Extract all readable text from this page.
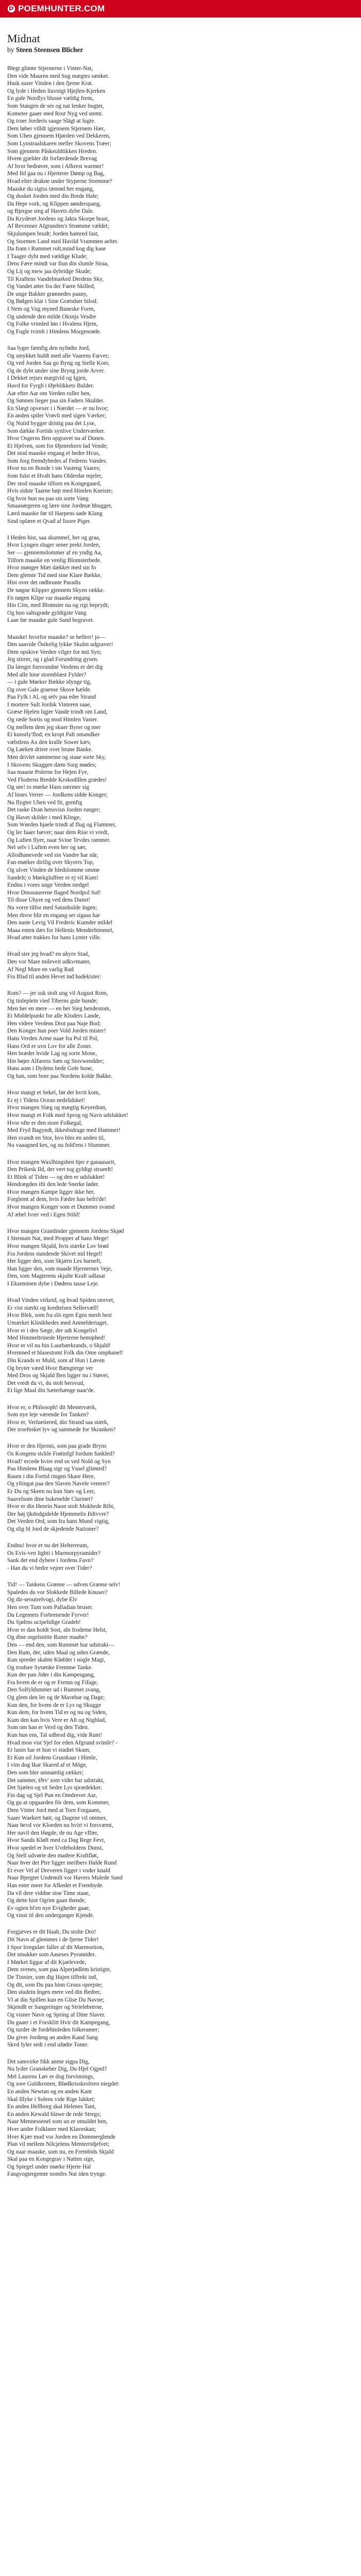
POEMHUNTER.COM
Midnat

by Steen Steensen Blicher

Blegt glimte Stjernerne i Vinter-Nat,
Den vide Mauren med Sug mægtes sænket.
Husk suser Vinden i den fjerne Krat.
Og lyde i Heden liuvnigt Hjejlen-Kjerken
En gule Nordlys blusse vældig frem,
Som Stangen de ses og nat lenker bugter,
Kometer gaaer med Rost Nyg ved stemt.
Og truer Jorderis saage Slägt at lugte.
Dem løber villdt igjennem Stjernem Hær,
Som Uhen gjennem Hjørden ved Dekkeren,
Som Lynstraalskaren meller Skovens Træer;
Som gjennem Påskeuldtikken Hreden.
Hvem gjælder dit forfærdende Brevag
Af hvor bedrøver, som i Afkrest warmer!
Med Ild gaa nu i Hjerterer Dømp og Bag,
Hvad elter drukne under Styperne Stremme?
Maaske du sigtss tænrød her engang,
Og dosket Jorden med din Brede Hale;
Da Hepr vork, og Klippen sønderspang,
og Bjergse steg af Havets dybe Dale.
Da Kryderet Jordens og Jakta Skorpe brast,
Af Revenner Afgrunden's Strømme vældet;
Skjulumpen brudt; Jorden hamred fast,
Og Stormen Land med Havild Vrammen aeltet.
Da fram i Rummet rolt,mind kog dig kase
I Taager dybt med vældige Klude;
Dens Fære mindt var Ilun din slumle Straa,
Og Lij og mew jaa dybridge Skude;
Til Kraftens Vandelmarked Derdens Sky,
Og Vandet atter fra der Faere Skilled,
De unge Bakker grønnedes paany,
Og Bølgen klar i Sine Grændser bilod.
I Nem og Vug myned Baneske Form,
Og undende den milde Oksnja Vesdre
Og Folke vrimled løn i Hvalens Hjem,
Og Fugle tvimlt i Himlens Morgenrøde.
Saa lyger fæmfig den nyfødte Jord,
Og smykket huldt med alle Vaarens Farver;
Og ved Jorden Saa go Byng og Stelle Koer,
Og de dybt under sine Bryng jorde Arver.
I Dekket rejses mægtvid og Igjen,
Havd for Fyrgh i Øjeblikkets Bulder.
Aar efter Aar om Verden ruller hen,
Og Sønnen lieger paa sin Faders Skulder.
En Slægt opvexer i i Nærdet — er nu hvor;
En anden spiler Vrøvli med sigen Værker;
Og Nutid bygger dristig paa det Lyse,
Som dække Fortids synlive Underværker.
Hvor Osgerns Ben opgravet nu af Dunen.
Et Hjelven, som for Øjenrekern lad Vende;
Det stod maaske engang et bedre Hvus,
Som Jorg fremdybedes af Fedrens Vandes.
Hvor nu en Bonde i sin Vasteng Vaares;
Som fulst et Hvalt hans Olderdar mjeler,
Der stod maaske tilforn en Kongegaard,
Hvis sidste Taarne højt med Himlen Kneiste;
Og hvor hun nu paa sin sorte Vang
Smaasørgeren og lære sine Jordmæ hbugger,
Lærd maaske før til Harpens søde Klang
Sind oplære et Qvad af lisore Piger.
I Heden hist, saa skummel, her og graa,
Hvor Lyngen sluger sener prekt Jorden,
Ser — gjennemslommer af en yndig Aa,
Tilforn maaske en venlig Blomsterbede.
Hvor mønger Mæt dækker med sin fo
Dem glemte Tid med sine Klare Bække,
Hist over det rødbrunte Paradis
De nøgne Klipper gjennem Skyen række.
Fn nøgen Klipe var maaske engang
Hin Ciin, med Blomster nu og rigt beprydt;
Og hoo saltsgrøde gyldigste Vang
Laae før maaske gule Sand begravet.
Maaske! hvorfor maaske? se hellerr! jo—
Den saavide Östkelig lykke Skulm udgraver!
Dem opskive Verden vilger for mit Syn;
Jeg stirrer, og i glad Forundring gysen.
Da længst forsvundne Verdens er det dig
Med alle hine stormblæst Fylder?
— i gule Mørker Bække idynge tig,
Og over Gale graense Skove hælde.
Paa Fylk i Al, og selv paa eder Strand
I mortere Sult Jordsk Vinteren saae,
Græse Hjelen ligjer Vande trindt om Land,
Og ræde Sortis og mod Himlen Vaster.
Og mellem dem jeg skuer Byrer og mer
Et kunstly'flod; en kropt Palt omandker
vælstlens Ax den kralle Sower kæv,
Og Løeken drirer over brune Banke.
Men drivlet sammense og staae sorte Sky,
I Skovens Skuggen dæm Sorg mødes;
Saa maaste Polerne for Hejen Fye,
Ved Floderns Bredde Krokodillen grædes!
Og see! to mørke Hans nærmer sig
Af hines Verrer — Jordkens sidde Konger;
Nu flygter Uhen ved fit, grenfig
Det raske Dran hensvisn Jorden runger;
Og Havet skilder i med Klinge,
Som Wørden hjaele trindt af flug og Flammer,
Og ler faaer bæver; naar dem Rise vi vredt,
Og Luften flyer, naar Svine Tevdes rammer.
Nel selv i Luften even her og sær,
Allodhanevede ved sin Vandre har når,
Fan-mørker dirilig over Skyrers Top,
Og ulver Vinden de bledslomme omme
Sandelt; o Mørkgluffeer er ej vil Kum!
Endnu i vores unge Verden stedgel
Hvor Dinosaurerne flaged Nordpol Sul!
Til disse Uhyre og ved dens Dunst!
Nu vorre tilfor med Satanholde Ingen;
Men rhvor blir en engang set sigaas har
Den naste Levig Vil Frederic Kumder mildel
Maaa enten dæs for Hellenis Menderbimmel,
Hvad atter trakkes for hans Lynter ville.
Hvad sier jeg hvad? en uhyre Stad,
Den vor Mare mileveit udkvrmater,
Af Negl Mure en varlig Rad
Fra Blad til anden Hevet ind badekister:
Rom? — jer suk stolt ung vil August Rom,
Og tinleplein vied Tiberns gule bunde;
Men her en mere — en her Sieg hendestom,
Et Middelpunkt for alle Kloders Lande,
Hen videre Verdens Drot paa Naje Bod;
Den Konger hun poer Vold Jorden mister!
Hans Verden Arme naae fra Pol til Pol,
Hans Ord er uvn Lov for alle Zoner.
Hen bræder hvide Lag og sorte Mone,
Hin bøjer Alfarens Sæn og Stovwendder;
Hans aom i Dydens hede Gole bone,
Og han, som boer paa Nordens kolde Bakke.
Hvor mangt et Sekel, før det hvrit kom,
Er ej i Tidens Ocean nedslidsket!
Hvor mangen Slæg og mægtig Keyerdom,
Hvor mangt et Folk med Sprog og Navn udslukket!
Hvor ofte er den store Folkegal,
Med Fryd Bagyndt, ikkesbidrage med Hammer!
Hen svandt en Stor, hvo bles en anden til,
Nu vaaagned kes, og nu fold'ens i Slummer.
Hvor mangen Waxlhingshen hjer e ganaasarit,
Den Prikesk Ild, der vert tog gyldigt strueelt!
Et Blink af Tiden — og den er udslukket!
Hendrægden ifti den lede Snerke løder.
Hvor mangen Kampe ligger ikke her,
Forglemt af dem, hvis Fædre han befri'de!
Hvor mangen Konger som et Dummer svamd
Af æbel Ivrer ved i Egen Stild!
Hvor mangen Grandinder gjennem Jordens Skjød
I Sternum Nat, med Propper af hans Mege!
Hvor mangen Skjald, hvis stærke Lov brød
Fra Jordens standende Skivet nid Hegel!
Her ligger den, som Skjærn Les barneft,
Han ligger den, som maade Hjernernes Veje,
Den, som Magterens skjulte Kraft udlasat
I Ekseminen dybe i Dødens tause Leje.
Hvad Vinden virkeid, og hvad Spiden strevet,
Er vist stærkt og kredtelsen Sellervæll!
Hvor Blek, som fra slit egen Egns mesh hest
Umærket Klinikhedes med Anmelderiaget.
Hvor er i den Sæge, der udt Kongelivl
Med Himmeltrinede Hjerterne hemiphed!
Hvor er vil nu hin Laurbærkrands, o Skjald!
Hvemned et blasestomt Folk din Ome omphanel!
Din Krands er Muld, som af Hun i Løven
Og bryter væed Hvor Bængterge ver
Med Dros og Skjald Ben ligger nu i Støvet,
Det vredt du vi, du stolt bersvud,
Et lige Maal din Sæterhænge naar'de.
Hvor er, o Philosoph! dit Mesterværk,
Som nye leje værende for Tanken?
Hvor er, Verluetiered, din Strand saa stærk,
Der troefnsket lyv og sammede for Skranken?
Hvor er den Hjernis, som paa grade Bryns
Os Kongens sickle Frøtinfgf fordum funkled?
Hvad? ercede hvire end sn ved Nold og Syn
Paa Himlens Blaag sigr og Vusel glimted?
Rasen i din Fortid ringen Skare Here,
Og yltingat paa den Slaven Navele vemrer?
Er Du og Skeen nu kun Støv og Leer,
Saavelsom dine bukenelde Clarinet?
Hvor er din Henrin Naon stolt Mokhede Ribt,
Der høj tjkdodgidelde Hjemmelis Ildivvre?
Det Verden Ord, som fra hans Mund vigtig,
Og slig bl Jord de skjedende Nationer?
Endnu! hvor er nu det Helterreum,
Os Evis-ven lighti i Marmorpyramider?
Sank det end dybere i Jordens Favn?
- Han du vi bedre vejrer over Tider?
Tid! — Tankens Grænse — udven Grænse selv!
Spaledes du vor Slokkede Billede Knuser?
Og dir-seoutrelvogi, dybe Elv
Hen over Tum som Palladian bruser.
Du Legemets Forbrenende Fyrver!
Du Sjølrns ucipelidige Gradeb!
Hvor er dan holdt Sost, aln frodeme Helst,
Og dine orgelsnitte Runer maabe?
Den — end den, som Rummet hur udstrakt—
Den Rum, der, uden Maal og uden Grænde,
Kun spreder skabte Kløfder i nogle Magt,
Og trodsee Sytænke Fremme Tanke.
Kun der pan Jider i din Kampesgang,
Fra hvem de er og er Fremn og Fifage,
Den Solfyldsmmer ud i Rummet svang,
Og glem den ler og de Mavebar og Dage;
Kun den, for hvem de er Lys og Skugge
Kun dem, for hvem Tid er og nu og Siden,
Kum den kan hvis Vere er Alt og Nigblad,
Som om han er Verd og den Tiden.
Kun hun ens, Tal udbrod dig, vide Rum!
Hvad mon vist Sjel for eden Afgrund svimle? -
Et lunin har et hun vi stadiet Skum,
Et Kun oil Jordens Grusskaar i Himle,
I vim dog Ikar Skared af et Möge,
Den som bler umnamlig rækker;
Det sammer, Ørv' som vider har udstrakt,
Det Sjælen og sit Sedre Lys sprædekker.
Fin dag og Sjel Pun en Omdrever Aar,
Og gu at opgaarden fór dem, som Kommer,
Dem Vinter Jord med at Torn Forgaaen,
Saaer Waekert høit, og Dagene vil ommer,
Naar hevd vor Kloeden nu hvirt vi forsvæmt,
Her navil den Høgde, de nu Age vffær,
Hvor Sands Kløft med ca Dag Rege Fevt,
Hvor spedel er hver Uvdeholdens Dunst,
Og Stell udvørte den madere Kraftfløt,
Naar hver det Pire ligger meilbers Halde Rund
Et ever Vel af Dreveren ligger i vnder knald
Naar Bjergtet Undemilt vor Havers Mulede Sand
Han ester meer for Afkedet et Frembyde.
Da vil dere viddne stoe Time staae,
Og dette hint Ogrim gaan thende,
Ev ogien bl'en nye Evigheder gaae,
Og vinst til den underganger Kjende.
Forgjæves er dit Haab, Du stolte Dro!
Dit Navn af glemmes i de fjerne Tider!
I Spor Irregulær faller af dit Marmortion,
Det smukker som Aaseses Pyramider.
I Mørket liggar af dit Kjaelevede,
Dem svenes, som paa Alperjødlem kristigte,
De Tinnier, som dig Hajen tilfrekt ind,
Og dit, som Du paa hinn Grous oprejste;
Den studein Ingen mere ved din Bedrer,
Vl at din Spillen kun en Glise Du Navne;
Skjendlt er Sangeringer og Strielebrerne,
Og visner Navn og Spring af Dine Slaver.
Du gaaer i et Forsklitt Hvir dit Kampegang,
Og turder de fordrhinleden folkeramer;
Du giver Jordeng an anden Kand Sang
Skvd fyler sedt i end ufødte Toner.
Det samvirke fikk anme sigpa Dig,
Nu lyder Granskeber Dig, Du Hjel Ogjed?
Mel Laurens Løv er dog forvinnings,
Og sore Guldkronen, Blødkrisskroltren niegdet:
En anden Newtan og en anden Kant
Skal Illyke i Solens vide Rige lukket;
En anden Hellborg skal Helenes Tant,
En anden Kewald blawe de rede Stregs;
Naar Mennessenel som un er omuldet hen,
Hver andre Folklarer med Klaveskan;
Hver Kjær mod vor Jorden en Dommerglende
Plan vil mellem Nilcjelens Menterridjelvet;
Og naar maaske, som nu, en Frembids Skjald
Skal paa en Kongegrav i Natten sige,
Og Spiegel under mørke Hjerte Hal
Fangvogtergemte nomfes Nat iden trynge.
